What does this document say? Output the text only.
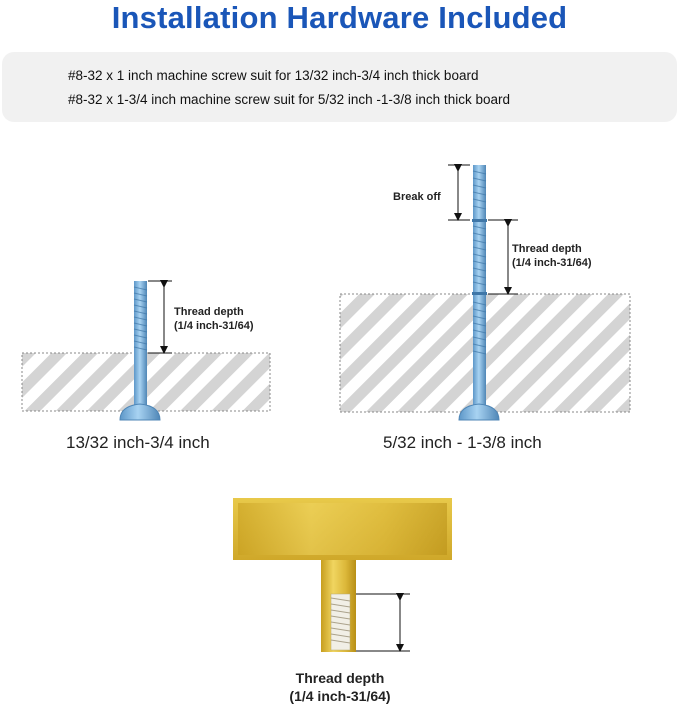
Installation Hardware Included
#8-32 x 1 inch machine screw suit for 13/32 inch-3/4 inch thick board
#8-32 x 1-3/4 inch machine screw suit for 5/32 inch -1-3/8 inch thick board
Thread depth
(1/4 inch-31/64)
13/32 inch-3/4 inch
Break off
Thread depth
(1/4 inch-31/64)
5/32 inch - 1-3/8 inch
Thread depth
(1/4 inch-31/64)
